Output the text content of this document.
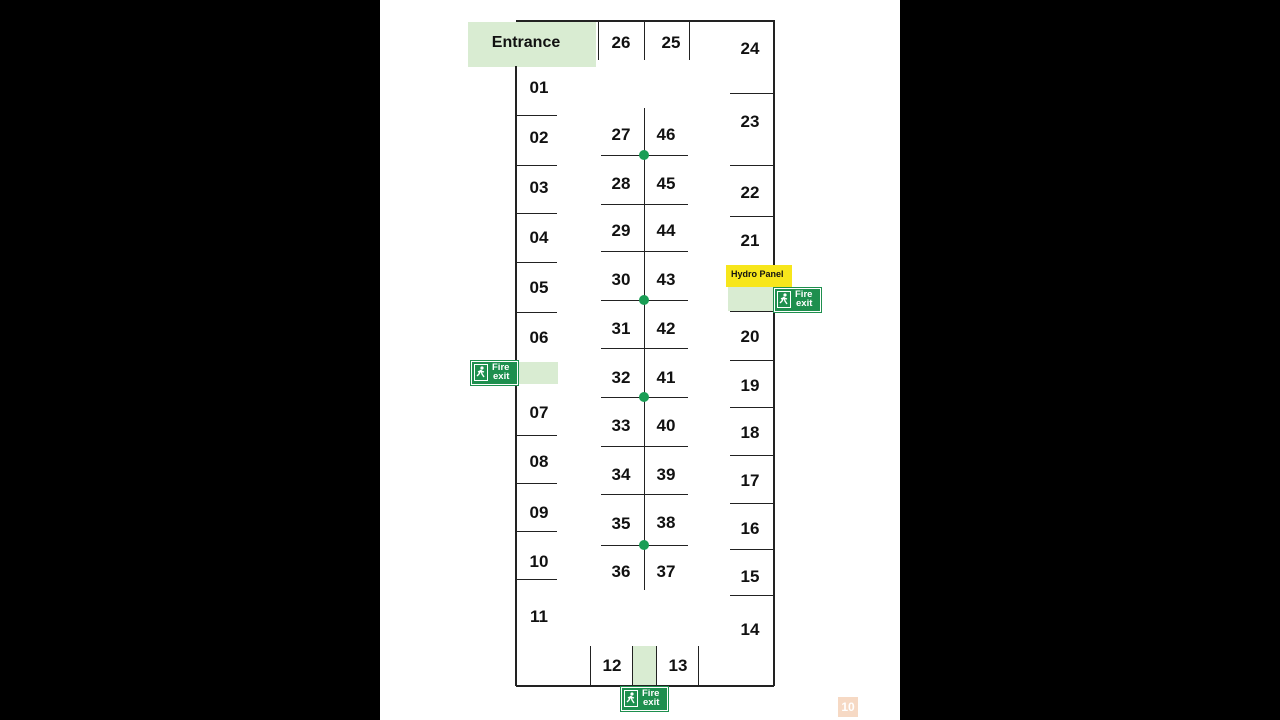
Entrance
01
02
03
04
05
06
07
08
09
10
11
12	13
14
15
16
17
18
19
20
21
22
23
24
25
26
27
28
29
30
31
32
33
34
35
36 37
38
39
40
41
42
43
44
45
46
Hydro Panel
Fire
exit
Fire
exit
Fire
exit	10
